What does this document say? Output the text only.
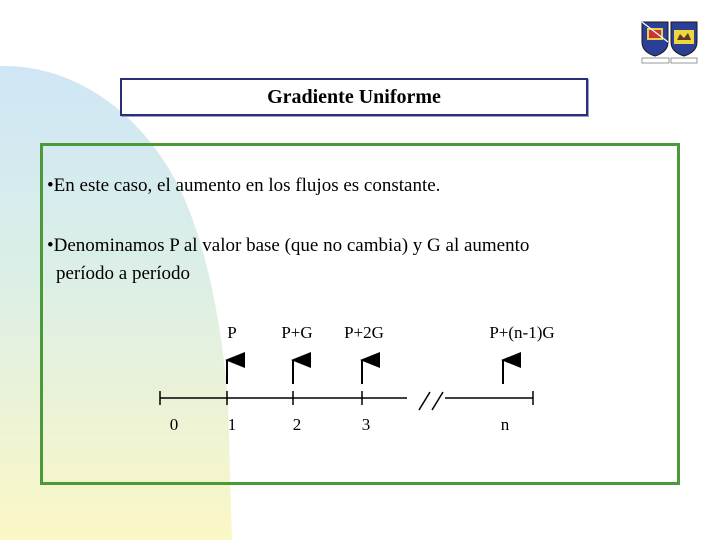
Gradiente Uniforme
•En este caso, el aumento en los flujos es constante.
•Denominamos P al valor base (que no cambia) y G al aumento
período a período
P	P+G P+2G	P+(n-1)G
0	1	2	3	n
